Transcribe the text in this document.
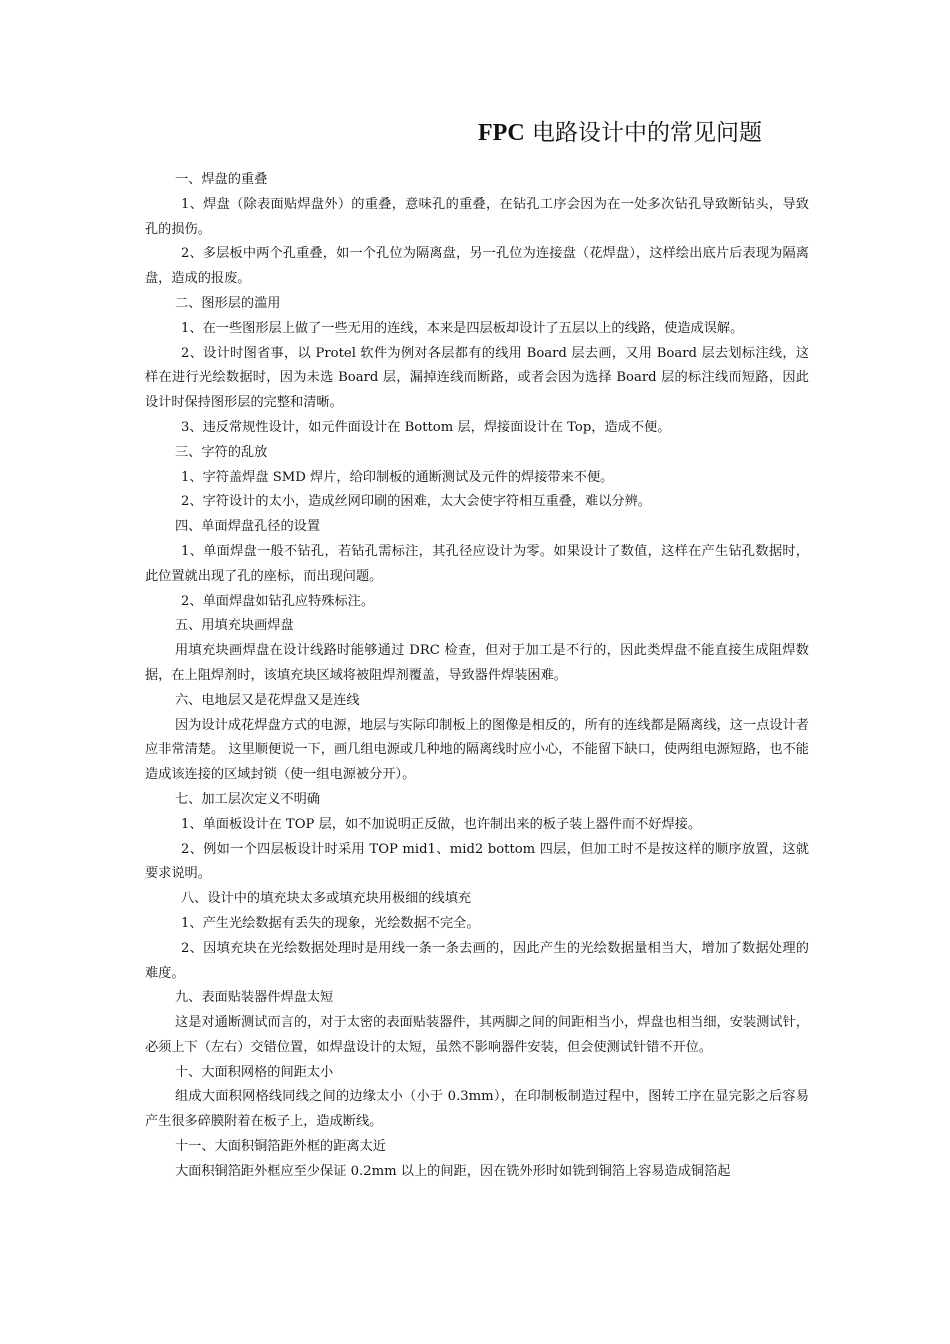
FPC 电路设计中的常见问题

一、焊盘的重叠

1、焊盘（除表面贴焊盘外）的重叠，意味孔的重叠，在钻孔工序会因为在一处多次钻孔导致断钻头，导致孔的损伤。

2、多层板中两个孔重叠，如一个孔位为隔离盘，另一孔位为连接盘（花焊盘），这样绘出底片后表现为隔离盘，造成的报废。

二、图形层的滥用

1、在一些图形层上做了一些无用的连线，本来是四层板却设计了五层以上的线路，使造成误解。

2、设计时图省事，以 Protel 软件为例对各层都有的线用 Board 层去画，又用 Board 层去划标注线，这样在进行光绘数据时，因为未选 Board 层，漏掉连线而断路，或者会因为选择 Board 层的标注线而短路，因此设计时保持图形层的完整和清晰。

3、违反常规性设计，如元件面设计在 Bottom 层，焊接面设计在 Top，造成不便。

三、字符的乱放

1、字符盖焊盘 SMD 焊片，给印制板的通断测试及元件的焊接带来不便。

2、字符设计的太小，造成丝网印刷的困难，太大会使字符相互重叠，难以分辨。

四、单面焊盘孔径的设置

1、单面焊盘一般不钻孔，若钻孔需标注，其孔径应设计为零。如果设计了数值，这样在产生钻孔数据时，此位置就出现了孔的座标，而出现问题。

2、单面焊盘如钻孔应特殊标注。

五、用填充块画焊盘

用填充块画焊盘在设计线路时能够通过 DRC 检查，但对于加工是不行的，因此类焊盘不能直接生成阻焊数据，在上阻焊剂时，该填充块区域将被阻焊剂覆盖，导致器件焊装困难。

六、电地层又是花焊盘又是连线

因为设计成花焊盘方式的电源，地层与实际印制板上的图像是相反的，所有的连线都是隔离线，这一点设计者应非常清楚。 这里顺便说一下，画几组电源或几种地的隔离线时应小心，不能留下缺口，使两组电源短路，也不能造成该连接的区域封锁（使一组电源被分开）。

七、加工层次定义不明确

1、单面板设计在 TOP 层，如不加说明正反做，也许制出来的板子装上器件而不好焊接。

2、例如一个四层板设计时采用 TOP mid1、mid2 bottom 四层，但加工时不是按这样的顺序放置，这就要求说明。

八、设计中的填充块太多或填充块用极细的线填充

1、产生光绘数据有丢失的现象，光绘数据不完全。

2、因填充块在光绘数据处理时是用线一条一条去画的，因此产生的光绘数据量相当大，增加了数据处理的难度。

九、表面贴装器件焊盘太短

这是对通断测试而言的，对于太密的表面贴装器件，其两脚之间的间距相当小，焊盘也相当细，安装测试针，必须上下（左右）交错位置，如焊盘设计的太短，虽然不影响器件安装，但会使测试针错不开位。

十、大面积网格的间距太小

组成大面积网格线同线之间的边缘太小（小于 0.3mm），在印制板制造过程中，图转工序在显完影之后容易产生很多碎膜附着在板子上，造成断线。

十一、大面积铜箔距外框的距离太近

大面积铜箔距外框应至少保证 0.2mm 以上的间距，因在铣外形时如铣到铜箔上容易造成铜箔起
